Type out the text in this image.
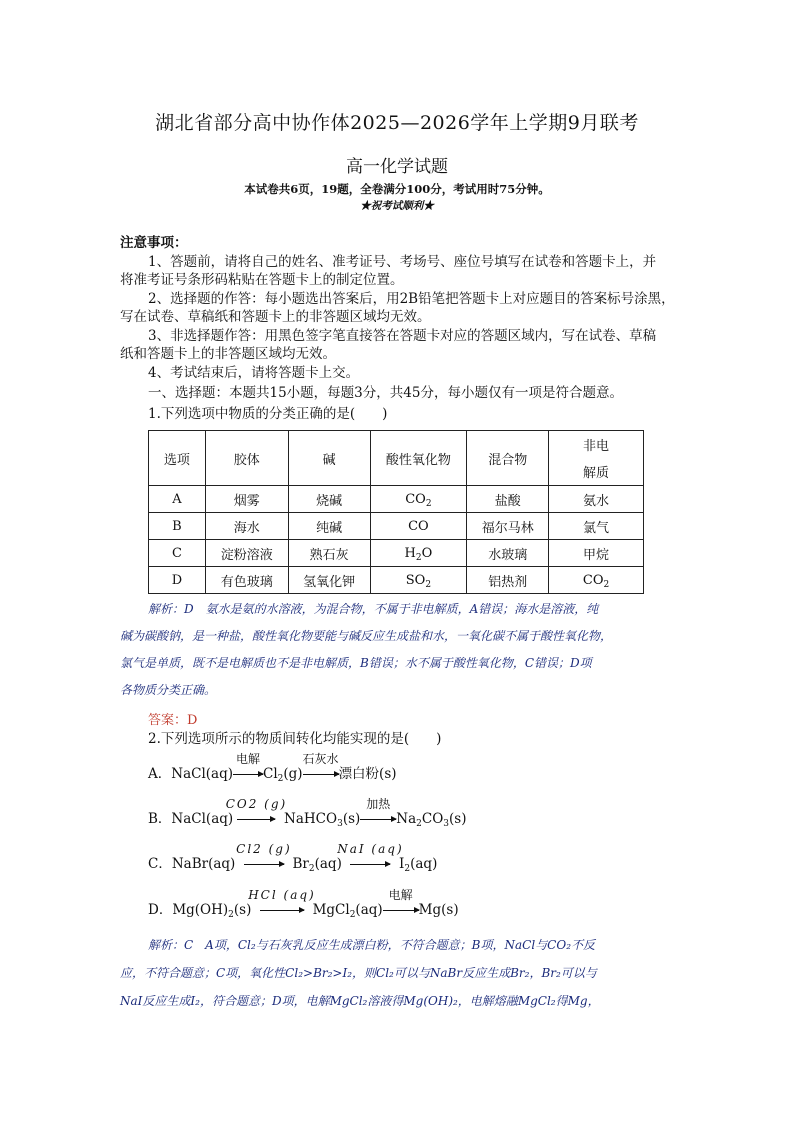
湖北省部分高中协作体2025—2026学年上学期9月联考
高一化学试题
本试卷共6页，19题，全卷满分100分，考试用时75分钟。
★祝考试顺利★
注意事项：
1、答题前，请将自己的姓名、准考证号、考场号、座位号填写在试卷和答题卡上，并
将准考证号条形码粘贴在答题卡上的制定位置。
2、选择题的作答：每小题选出答案后，用2B铅笔把答题卡上对应题目的答案标号涂黑，
写在试卷、草稿纸和答题卡上的非答题区域均无效。
3、非选择题作答：用黑色签字笔直接答在答题卡对应的答题区域内，写在试卷、草稿
纸和答题卡上的非答题区域均无效。
4、考试结束后，请将答题卡上交。
一、选择题：本题共15小题，每题3分，共45分，每小题仅有一项是符合题意。
1.下列选项中物质的分类正确的是(　　)
选项	胶体	碱	酸性氧化物	混合物	非电
解质

A	烟雾	烧碱	$CO_2$	盐酸	氨水
B	海水	纯碱	CO	福尔马林	氯气
C	淀粉溶液	熟石灰	$H_2O$	水玻璃	甲烷
D	有色玻璃	氢氧化钾	$SO_2$	铝热剂	$CO_2$
解析：D　氨水是氨的水溶液，为混合物，不属于非电解质，A错误；海水是溶液，纯
碱为碳酸钠，是一种盐，酸性氧化物要能与碱反应生成盐和水，一氧化碳不属于酸性氧化物，
氯气是单质，既不是电解质也不是非电解质，B错误；水不属于酸性氧化物，C错误；D项
各物质分类正确。
答案：D
2.下列选项所示的物质间转化均能实现的是(　　)
A．NaCl(aq)
电解
$Cl_2(g)$
石灰水
漂白粉(s)
B．NaCl(aq)
CO2 (g)
NaHCO$_3$(s)
加热
$Na_2CO_3(s)$
C．NaBr(aq)
Cl2 (g)
$Br_2(aq)$
NaI (aq)
$I_2(aq)$
D．$Mg(OH)_2(s)$
HCl (aq)
MgCl$_2$(aq)
电解
Mg(s)
解析：C　A项，Cl₂与石灰乳反应生成漂白粉，不符合题意；B项，NaCl与CO₂不反
应，不符合题意；C项，氧化性Cl₂>Br₂>I₂，则Cl₂可以与NaBr反应生成Br₂，Br₂可以与
NaI反应生成I₂，符合题意；D项，电解MgCl₂溶液得Mg(OH)₂，电解熔融MgCl₂得Mg，
